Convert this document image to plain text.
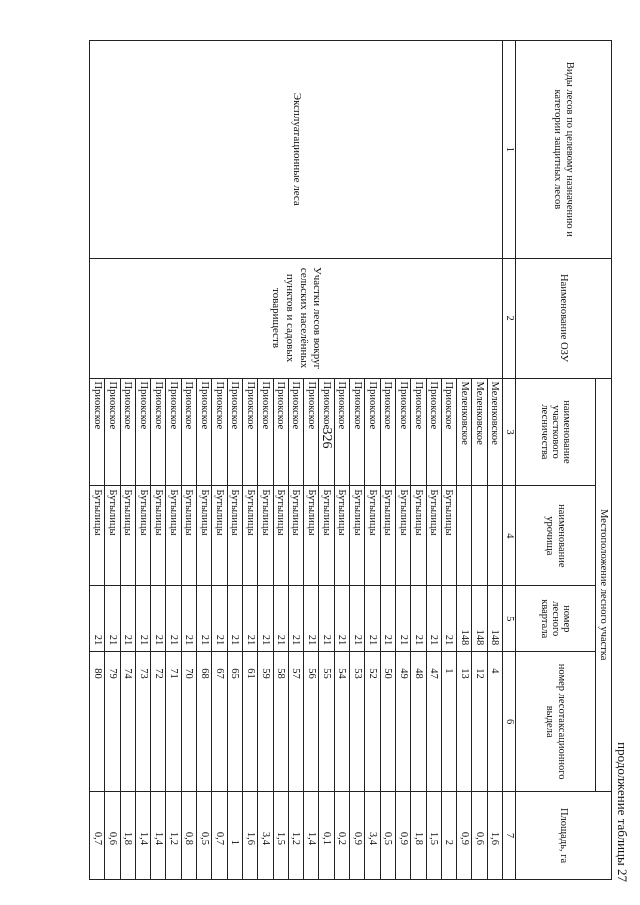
326
продолжение таблицы 27
Виды лесов по целевому назначению и категории защитных лесов	Наименование ОЗУ	Местоположение лесного участка				Площадь, га
		наименование участкового лесничества	наименование урочища	номер лесного квартала	номер лесотаксационного выдела	
1	2	3	4	5	6	7
Эксплуатационные леса	Участки лесов вокруг сельских населённых пунктов и садовых товариществ	Меленковское		148	4	1,6
		Меленковское		148	12	0,6
		Меленковское		148	13	0,9
		Приокское	Бутылицы	21	1	2
		Приокское	Бутылицы	21	47	1,5
		Приокское	Бутылицы	21	48	1,8
		Приокское	Бутылицы	21	49	0,9
		Приокское	Бутылицы	21	50	0,5
		Приокское	Бутылицы	21	52	3,4
		Приокское	Бутылицы	21	53	0,9
		Приокское	Бутылицы	21	54	0,2
		Приокское	Бутылицы	21	55	0,1
		Приокское	Бутылицы	21	56	1,4
		Приокское	Бутылицы	21	57	1,2
		Приокское	Бутылицы	21	58	1,5
		Приокское	Бутылицы	21	59	3,4
		Приокское	Бутылицы	21	61	1,6
		Приокское	Бутылицы	21	65	1
		Приокское	Бутылицы	21	67	0,7
		Приокское	Бутылицы	21	68	0,5
		Приокское	Бутылицы	21	70	0,8
		Приокское	Бутылицы	21	71	1,2
		Приокское	Бутылицы	21	72	1,4
		Приокское	Бутылицы	21	73	1,4
		Приокское	Бутылицы	21	74	1,8
		Приокское	Бутылицы	21	79	0,6
		Приокское	Бутылицы	21	80	0,7
